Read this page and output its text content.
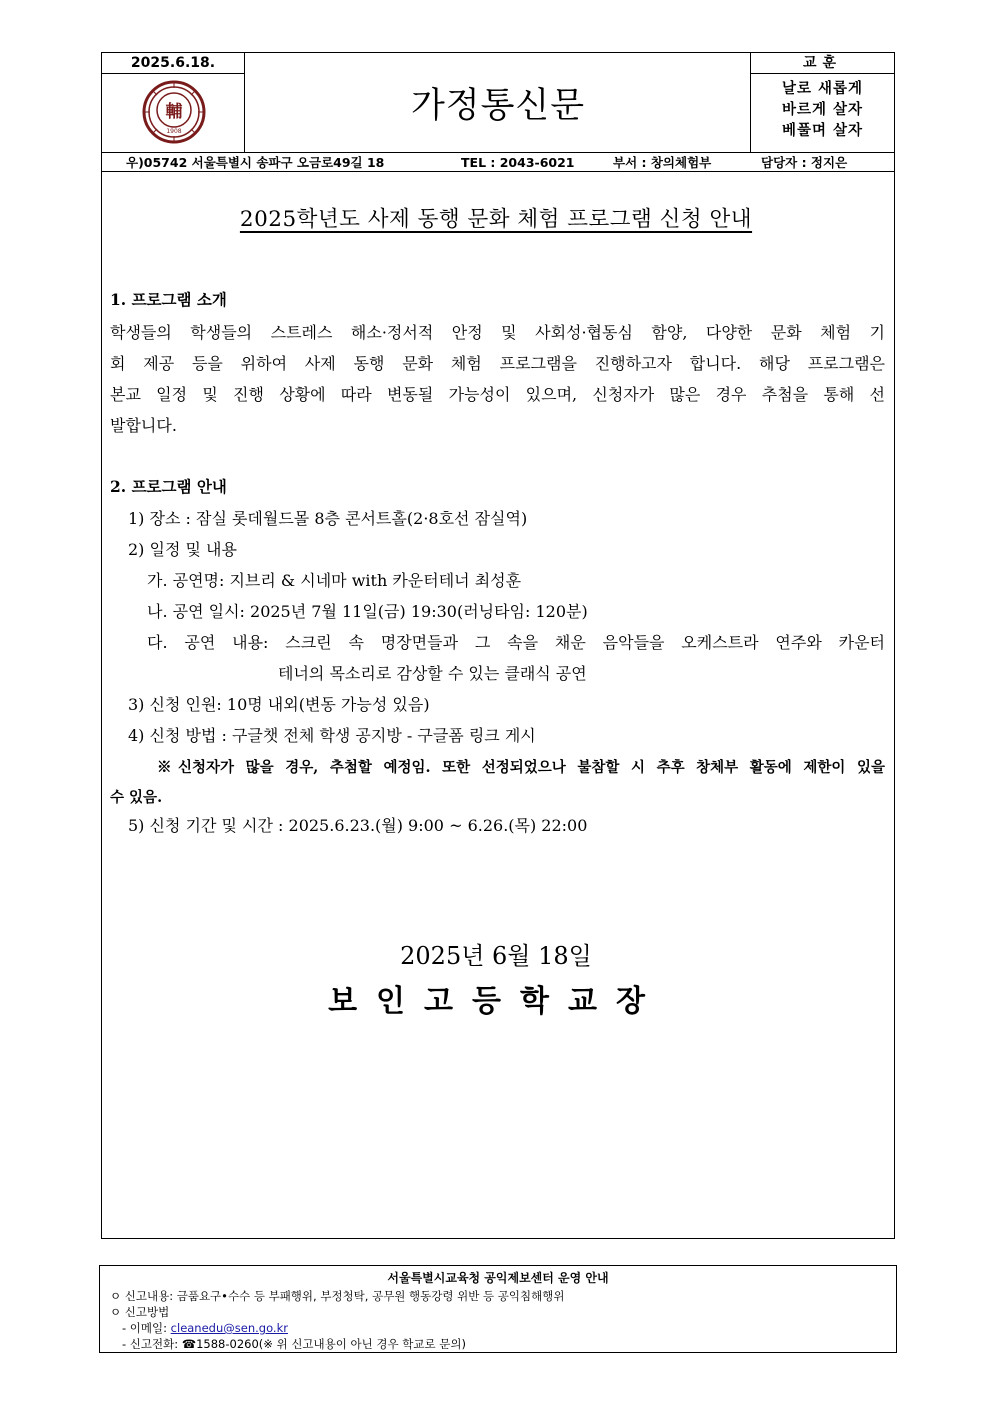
2025.6.18.
輔
1908
가정통신문
교훈
날로 새롭게
바르게 살자
베풀며 살자
우)05742 서울특별시 송파구 오금로49길 18	TEL : 2043-6021	부서 : 창의체험부	담당자 : 정지은
2025학년도 사제 동행 문화 체험 프로그램 신청 안내
1. 프로그램 소개
학생들의 학생들의 스트레스 해소·정서적 안정 및 사회성·협동심 함양, 다양한 문화 체험 기
회 제공 등을 위하여 사제 동행 문화 체험 프로그램을 진행하고자 합니다. 해당 프로그램은
본교 일정 및 진행 상황에 따라 변동될 가능성이 있으며, 신청자가 많은 경우 추첨을 통해 선
발합니다.
2. 프로그램 안내
1) 장소 : 잠실 롯데월드몰 8층 콘서트홀(2·8호선 잠실역)
2) 일정 및 내용
가. 공연명: 지브리 & 시네마 with 카운터테너 최성훈
나. 공연 일시: 2025년 7월 11일(금) 19:30(러닝타임: 120분)
다. 공연 내용: 스크린 속 명장면들과 그 속을 채운 음악들을 오케스트라 연주와 카운터
테너의 목소리로 감상할 수 있는 클래식 공연
3) 신청 인원: 10명 내외(변동 가능성 있음)
4) 신청 방법 : 구글챗 전체 학생 공지방 - 구글폼 링크 게시
※신청자가 많을 경우, 추첨할 예정임. 또한 선정되었으나 불참할 시 추후 창체부 활동에 제한이 있을
수 있음.
5) 신청 기간 및 시간 : 2025.6.23.(월) 9:00 ~ 6.26.(목) 22:00
2025년 6월 18일
보인고등학교장
서울특별시교육청 공익제보센터 운영 안내
ㅇ 신고내용: 금품요구•수수 등 부패행위, 부정청탁, 공무원 행동강령 위반 등 공익침해행위
ㅇ 신고방법
- 이메일: cleanedu@sen.go.kr
- 신고전화: ☎1588-0260(※ 위 신고내용이 아닌 경우 학교로 문의)
